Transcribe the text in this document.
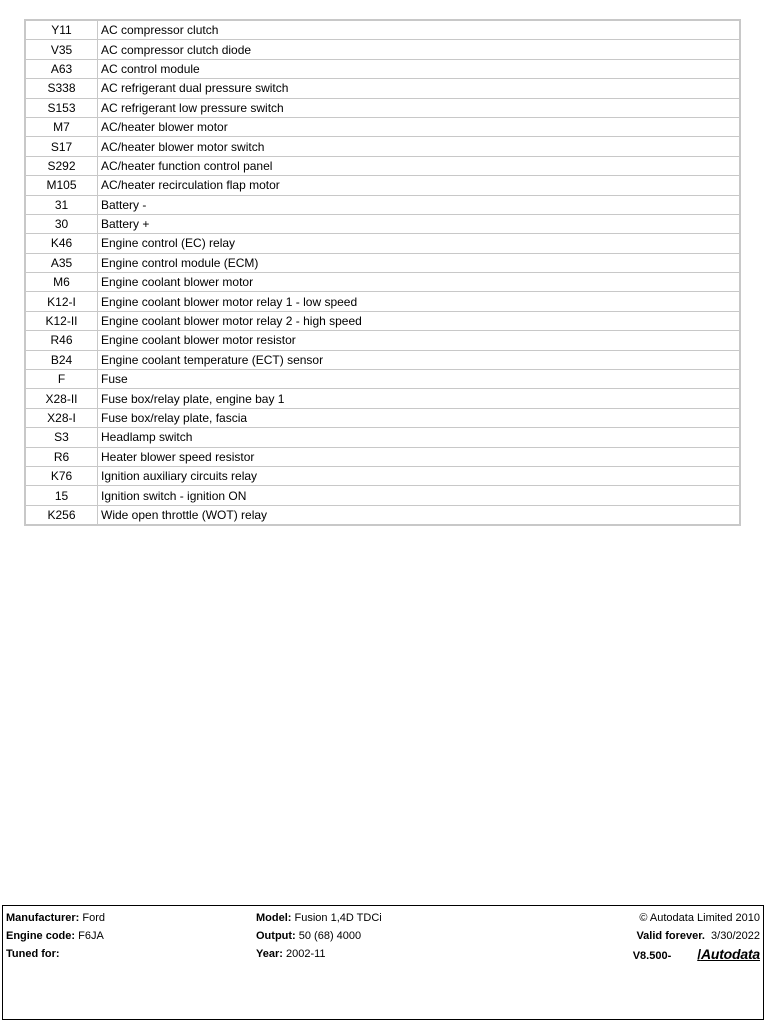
Y11	AC compressor clutch
V35	AC compressor clutch diode
A63	AC control module
S338	AC refrigerant dual pressure switch
S153	AC refrigerant low pressure switch
M7	AC/heater blower motor
S17	AC/heater blower motor switch
S292	AC/heater function control panel
M105	AC/heater recirculation flap motor
31	Battery -
30	Battery +
K46	Engine control (EC) relay
A35	Engine control module (ECM)
M6	Engine coolant blower motor
K12-I	Engine coolant blower motor relay 1 - low speed
K12-II	Engine coolant blower motor relay 2 - high speed
R46	Engine coolant blower motor resistor
B24	Engine coolant temperature (ECT) sensor
F	Fuse
X28-II	Fuse box/relay plate, engine bay 1
X28-I	Fuse box/relay plate, fascia
S3	Headlamp switch
R6	Heater blower speed resistor
K76	Ignition auxiliary circuits relay
15	Ignition switch - ignition ON
K256	Wide open throttle (WOT) relay
Manufacturer: Ford
Engine code: F6JA
Tuned for:
Model: Fusion 1,4D TDCi
Output: 50 (68) 4000
Year: 2002-11
© Autodata Limited 2010
Valid forever.  3/30/2022
V8.500- /Autodata
